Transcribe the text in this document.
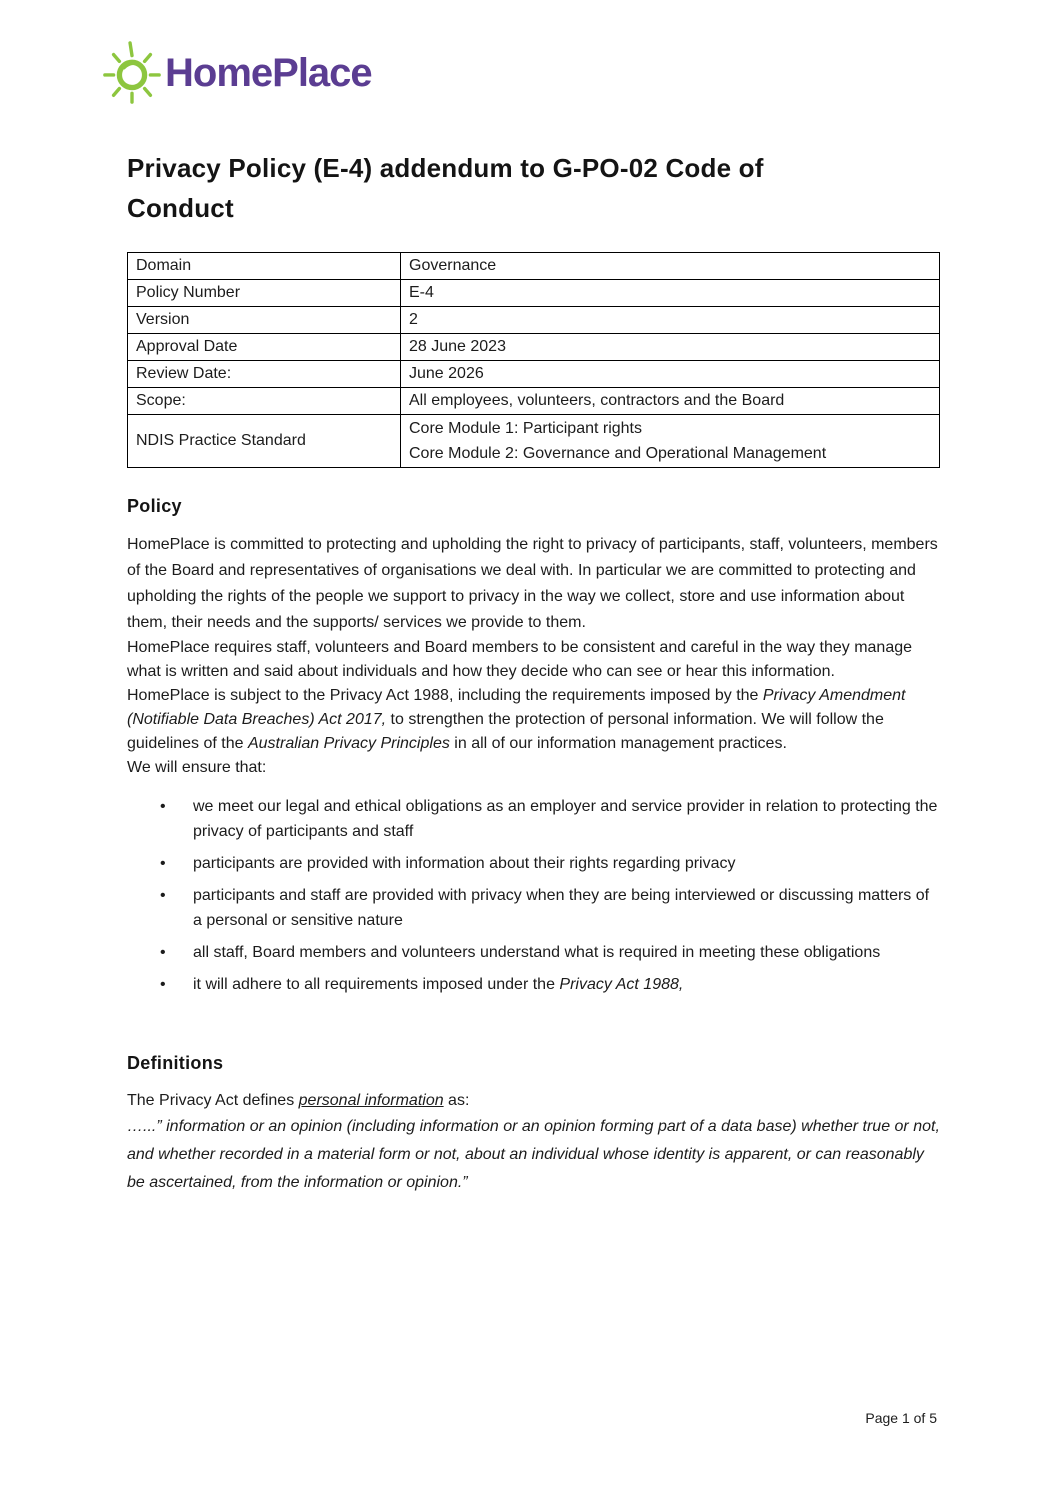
HomePlace
Privacy Policy (E-4) addendum to G-PO-02 Code of
Conduct
Domain	Governance
Policy Number	E-4
Version	2
Approval Date	28 June 2023
Review Date:	June 2026
Scope:	All employees, volunteers, contractors and the Board
NDIS Practice Standard	Core Module 1: Participant rights
Core Module 2: Governance and Operational Management
Policy

HomePlace is committed to protecting and upholding the right to privacy of participants, staff, volunteers, members of the Board and representatives of organisations we deal with. In particular we are committed to protecting and upholding the rights of the people we support to privacy in the way we collect, store and use information about them, their needs and the supports/ services we provide to them.

HomePlace requires staff, volunteers and Board members to be consistent and careful in the way they manage what is written and said about individuals and how they decide who can see or hear this information.

HomePlace is subject to the Privacy Act 1988, including the requirements imposed by the Privacy Amendment (Notifiable Data Breaches) Act 2017, to strengthen the protection of personal information. We will follow the guidelines of the Australian Privacy Principles in all of our information management practices.

We will ensure that:

• we meet our legal and ethical obligations as an employer and service provider in relation to protecting the privacy of participants and staff
• participants are provided with information about their rights regarding privacy
• participants and staff are provided with privacy when they are being interviewed or discussing matters of a personal or sensitive nature
• all staff, Board members and volunteers understand what is required in meeting these obligations
• it will adhere to all requirements imposed under the Privacy Act 1988,
Definitions

The Privacy Act defines personal information as:

…...” information or an opinion (including information or an opinion forming part of a data base) whether true or not, and whether recorded in a material form or not, about an individual whose identity is apparent, or can reasonably be ascertained, from the information or opinion.”

Page 1 of 5
